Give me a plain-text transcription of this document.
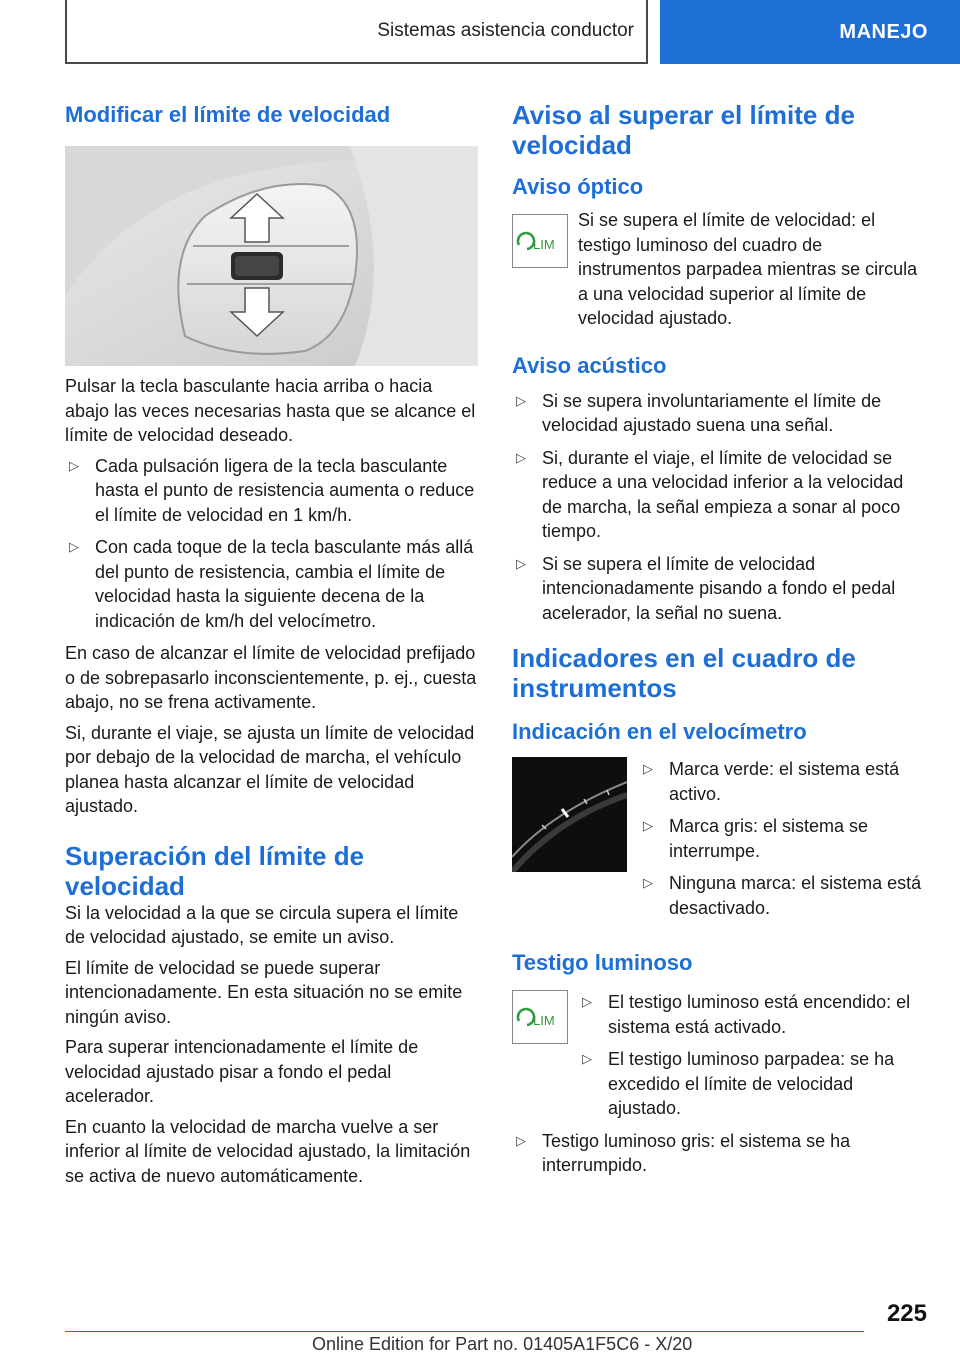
Sistemas asistencia conductor	MANEJO
Modificar el límite de velocidad

Pulsar la tecla basculante hacia arriba o hacia abajo las veces necesarias hasta que se alcance el límite de velocidad deseado.

▷ Cada pulsación ligera de la tecla basculante hasta el punto de resistencia aumenta o reduce el límite de velocidad en 1 km/h.
▷ Con cada toque de la tecla basculante más allá del punto de resistencia, cambia el límite de velocidad hasta la siguiente decena de la indicación de km/h del velocímetro.

En caso de alcanzar el límite de velocidad prefijado o de sobrepasarlo inconscientemente, p. ej., cuesta abajo, no se frena activamente.

Si, durante el viaje, se ajusta un límite de velocidad por debajo de la velocidad de marcha, el vehículo planea hasta alcanzar el límite de velocidad ajustado.

Superación del límite de velocidad

Si la velocidad a la que se circula supera el límite de velocidad ajustado, se emite un aviso.

El límite de velocidad se puede superar intencionadamente. En esta situación no se emite ningún aviso.

Para superar intencionadamente el límite de velocidad ajustado pisar a fondo el pedal acelerador.

En cuanto la velocidad de marcha vuelve a ser inferior al límite de velocidad ajustado, la limitación se activa de nuevo automáticamente.

Aviso al superar el límite de velocidad
Aviso óptico
LIM

Si se supera el límite de velocidad: el testigo luminoso del cuadro de instrumentos parpadea mientras se circula a una velocidad superior al límite de velocidad ajustado.

Aviso acústico
▷ Si se supera involuntariamente el límite de velocidad ajustado suena una señal.
▷ Si, durante el viaje, el límite de velocidad se reduce a una velocidad inferior a la velocidad de marcha, la señal empieza a sonar al poco tiempo.
▷ Si se supera el límite de velocidad intencionadamente pisando a fondo el pedal acelerador, la señal no suena.
Indicadores en el cuadro de instrumentos
Indicación en el velocímetro
▷ Marca verde: el sistema está activo.
▷ Marca gris: el sistema se interrumpe.
▷ Ninguna marca: el sistema está desactivado.
Testigo luminoso
LIM
▷ El testigo luminoso está encendido: el sistema está activado.
▷ El testigo luminoso parpadea: se ha excedido el límite de velocidad ajustado.
▷ Testigo luminoso gris: el sistema se ha interrumpido.
225
Online Edition for Part no. 01405A1F5C6 - X/20
